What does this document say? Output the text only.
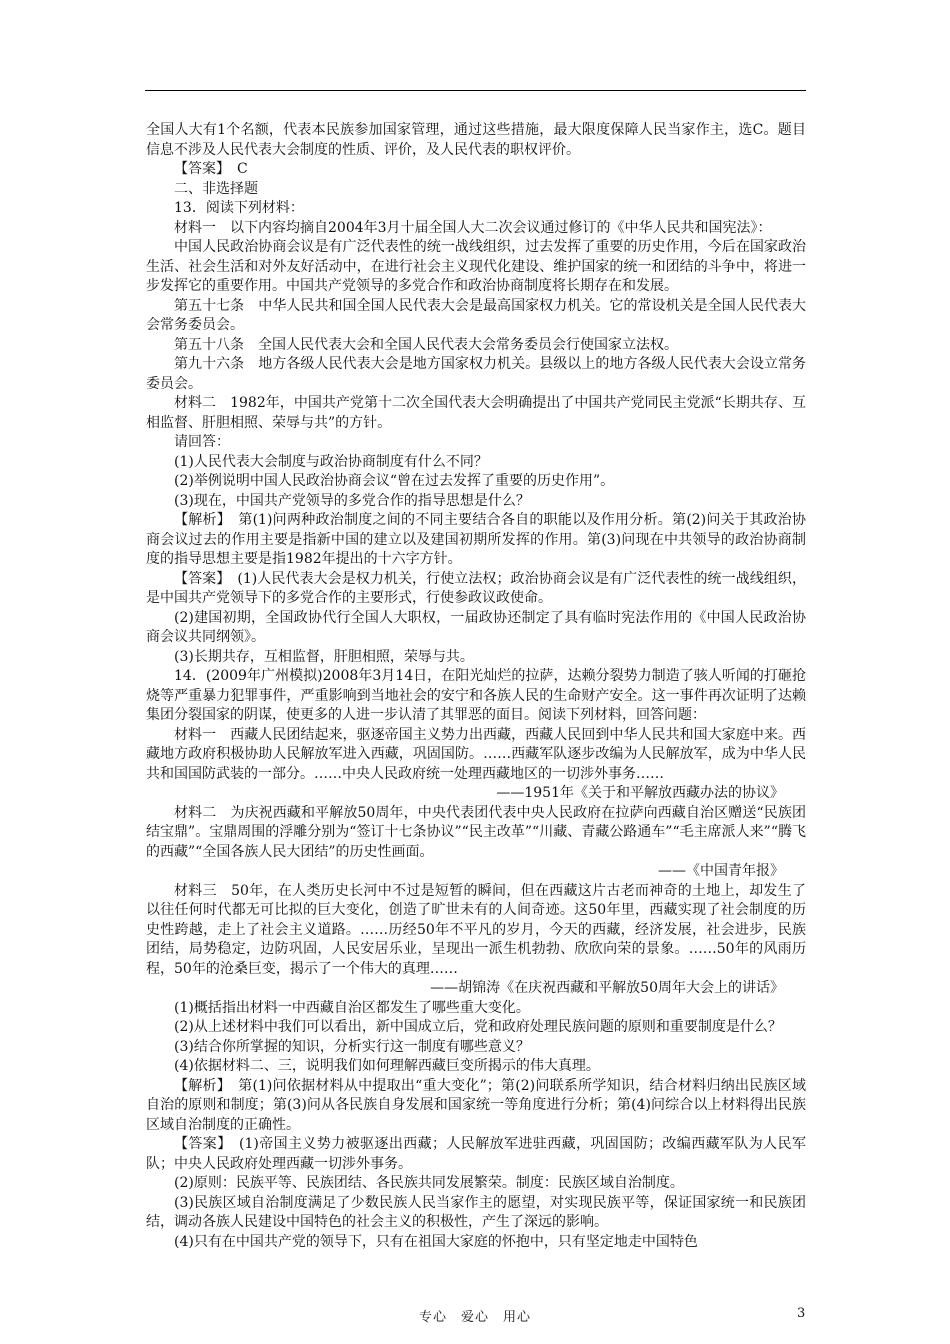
全国人大有1个名额，代表本民族参加国家管理，通过这些措施，最大限度保障人民当家作主，选C。题目信息不涉及人民代表大会制度的性质、评价，及人民代表的职权评价。

【答案】　C

二、非选择题

13．阅读下列材料：

材料一　以下内容均摘自2004年3月十届全国人大二次会议通过修订的《中华人民共和国宪法》：

中国人民政治协商会议是有广泛代表性的统一战线组织，过去发挥了重要的历史作用，今后在国家政治生活、社会生活和对外友好活动中，在进行社会主义现代化建设、维护国家的统一和团结的斗争中，将进一步发挥它的重要作用。中国共产党领导的多党合作和政治协商制度将长期存在和发展。

第五十七条　中华人民共和国全国人民代表大会是最高国家权力机关。它的常设机关是全国人民代表大会常务委员会。

第五十八条　全国人民代表大会和全国人民代表大会常务委员会行使国家立法权。

第九十六条　地方各级人民代表大会是地方国家权力机关。县级以上的地方各级人民代表大会设立常务委员会。

材料二　1982年，中国共产党第十二次全国代表大会明确提出了中国共产党同民主党派“长期共存、互相监督、肝胆相照、荣辱与共”的方针。

请回答：

(1)人民代表大会制度与政治协商制度有什么不同？

(2)举例说明中国人民政治协商会议“曾在过去发挥了重要的历史作用”。

(3)现在，中国共产党领导的多党合作的指导思想是什么？

【解析】　第(1)问两种政治制度之间的不同主要结合各自的职能以及作用分析。第(2)问关于其政治协商会议过去的作用主要是指新中国的建立以及建国初期所发挥的作用。第(3)问现在中共领导的政治协商制度的指导思想主要是指1982年提出的十六字方针。

【答案】　(1)人民代表大会是权力机关，行使立法权；政治协商会议是有广泛代表性的统一战线组织，是中国共产党领导下的多党合作的主要形式，行使参政议政使命。

(2)建国初期，全国政协代行全国人大职权，一届政协还制定了具有临时宪法作用的《中国人民政治协商会议共同纲领》。

(3)长期共存，互相监督，肝胆相照，荣辱与共。

14．(2009年广州模拟)2008年3月14日，在阳光灿烂的拉萨，达赖分裂势力制造了骇人听闻的打砸抢烧等严重暴力犯罪事件，严重影响到当地社会的安宁和各族人民的生命财产安全。这一事件再次证明了达赖集团分裂国家的阴谋，使更多的人进一步认清了其罪恶的面目。阅读下列材料，回答问题：

材料一　西藏人民团结起来，驱逐帝国主义势力出西藏，西藏人民回到中华人民共和国大家庭中来。西藏地方政府积极协助人民解放军进入西藏，巩固国防。……西藏军队逐步改编为人民解放军，成为中华人民共和国国防武装的一部分。……中央人民政府统一处理西藏地区的一切涉外事务……

——1951年《关于和平解放西藏办法的协议》

材料二　为庆祝西藏和平解放50周年，中央代表团代表中央人民政府在拉萨向西藏自治区赠送“民族团结宝鼎”。宝鼎周围的浮雕分别为“签订十七条协议”“民主改革”“川藏、青藏公路通车”“毛主席派人来”“腾飞的西藏”“全国各族人民大团结”的历史性画面。

——《中国青年报》

材料三　50年，在人类历史长河中不过是短暂的瞬间，但在西藏这片古老而神奇的土地上，却发生了以往任何时代都无可比拟的巨大变化，创造了旷世未有的人间奇迹。这50年里，西藏实现了社会制度的历史性跨越，走上了社会主义道路。……历经50年不平凡的岁月，今天的西藏，经济发展，社会进步，民族团结，局势稳定，边防巩固，人民安居乐业，呈现出一派生机勃勃、欣欣向荣的景象。……50年的风雨历程，50年的沧桑巨变，揭示了一个伟大的真理……

——胡锦涛《在庆祝西藏和平解放50周年大会上的讲话》

(1)概括指出材料一中西藏自治区都发生了哪些重大变化。

(2)从上述材料中我们可以看出，新中国成立后，党和政府处理民族问题的原则和重要制度是什么？

(3)结合你所掌握的知识，分析实行这一制度有哪些意义？

(4)依据材料二、三，说明我们如何理解西藏巨变所揭示的伟大真理。

【解析】　第(1)问依据材料从中提取出“重大变化”；第(2)问联系所学知识，结合材料归纳出民族区域自治的原则和制度；第(3)问从各民族自身发展和国家统一等角度进行分析；第(4)问综合以上材料得出民族区域自治制度的正确性。

【答案】　(1)帝国主义势力被驱逐出西藏；人民解放军进驻西藏，巩固国防；改编西藏军队为人民军队；中央人民政府处理西藏一切涉外事务。

(2)原则：民族平等、民族团结、各民族共同发展繁荣。制度：民族区域自治制度。

(3)民族区域自治制度满足了少数民族人民当家作主的愿望，对实现民族平等，保证国家统一和民族团结，调动各族人民建设中国特色的社会主义的积极性，产生了深远的影响。

(4)只有在中国共产党的领导下，只有在祖国大家庭的怀抱中，只有坚定地走中国特色

专心　爱心　用心	3
